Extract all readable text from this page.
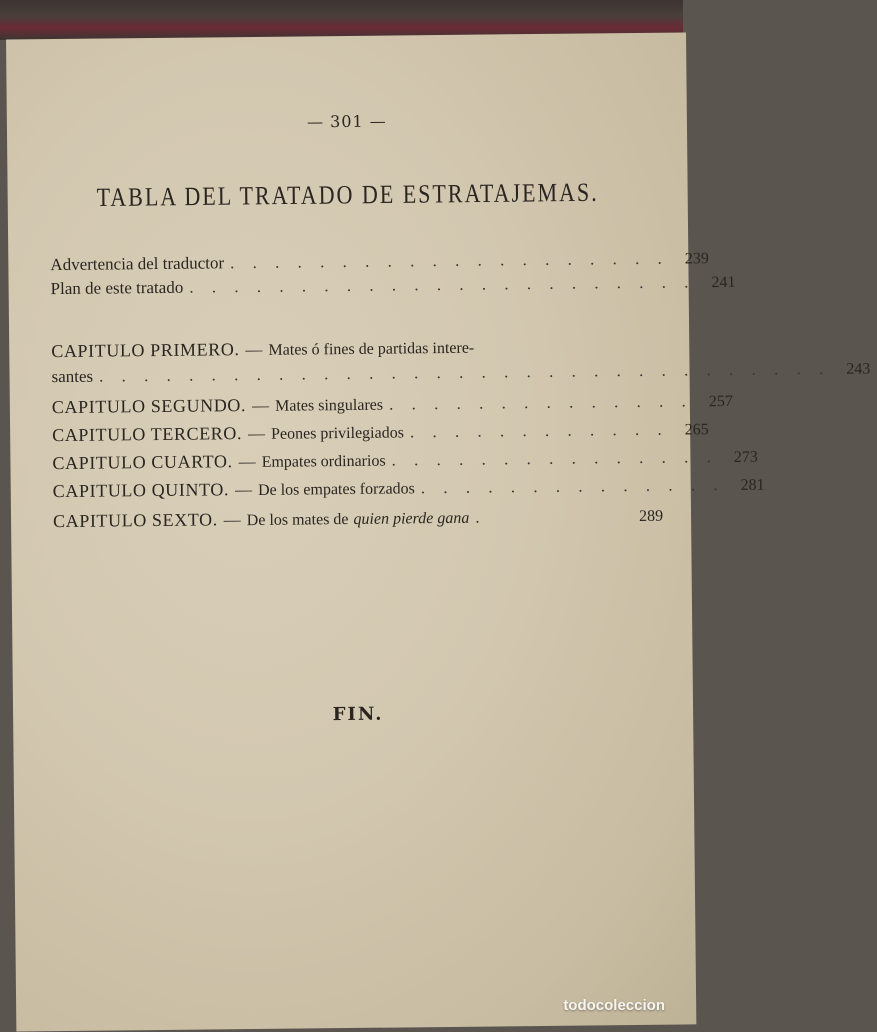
— 301 —
TABLA DEL TRATADO DE ESTRATAJEMAS.
Advertencia del traductor . . . . . . . . . . . . . . . . . . . . 239
Plan de este tratado . . . . . . . . . . . . . . . . . . . . . . . 241
CAPITULO PRIMERO. — Mates ó fines de partidas intere-
santes . . . . . . . . . . . . . . . . . . . . . . . . . . . . . . . . . 243
CAPITULO SEGUNDO. — Mates singulares . . . . . . . . . . . . . . 257
CAPITULO TERCERO. — Peones privilegiados . . . . . . . . . . . . 265
CAPITULO CUARTO. — Empates ordinarios . . . . . . . . . . . . . . . 273
CAPITULO QUINTO. — De los empates forzados . . . . . . . . . . . . . . 281
CAPITULO SEXTO. — De los mates de quien pierde gana .	289
FIN.
todocoleccion
